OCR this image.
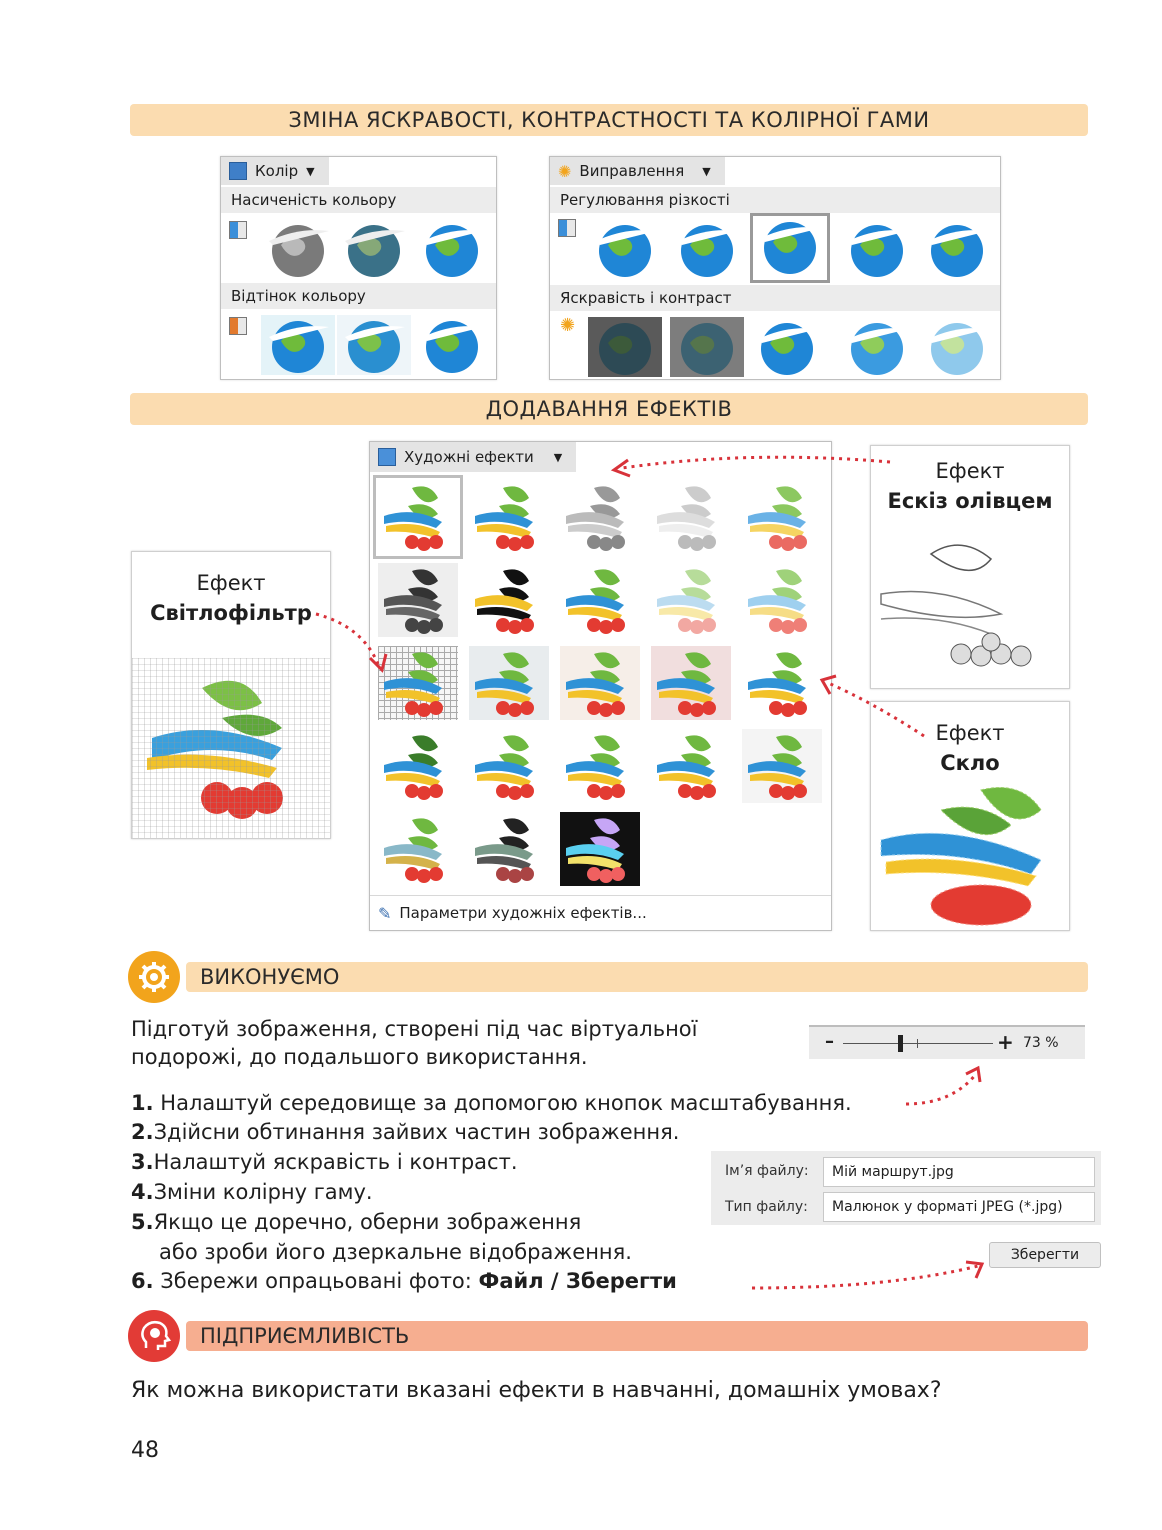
ЗМІНА ЯСКРАВОСТІ, КОНТРАСТНОСТІ ТА КОЛІРНОЇ ГАМИ
Колір ▼
Насиченість кольору
Відтінок кольору
✺ Виправлення ▼
Регулювання різкості
Яскравість і контраст
✺
ДОДАВАННЯ ЕФЕКТІВ
Художні ефекти ▼
✎ Параметри художніх ефектів...
Ефект
Ескіз олівцем
Ефект
Світлофільтр
Ефект
Скло
ВИКОНУЄМО
Підготуй зображення, створені під час віртуальної
подорожі, до подальшого використання.
–	+ 73 %
1. Налаштуй середовище за допомогою кнопок масштабування.
2.Здійсни обтинання зайвих частин зображення.
3.Налаштуй яскравість і контраст.
4.Зміни колірну гаму.
5.Якщо це доречно, оберни зображення
або зроби його дзеркальне відображення.
6. Збережи опрацьовані фото: Файл / Зберегти
Ім’я файлу:	Мій маршрут.jpg
Тип файлу:	Малюнок у форматі JPEG (*.jpg)
Зберегти
ПІДПРИЄМЛИВІСТЬ
Як можна використати вказані ефекти в навчанні, домашніх умовах?
48
